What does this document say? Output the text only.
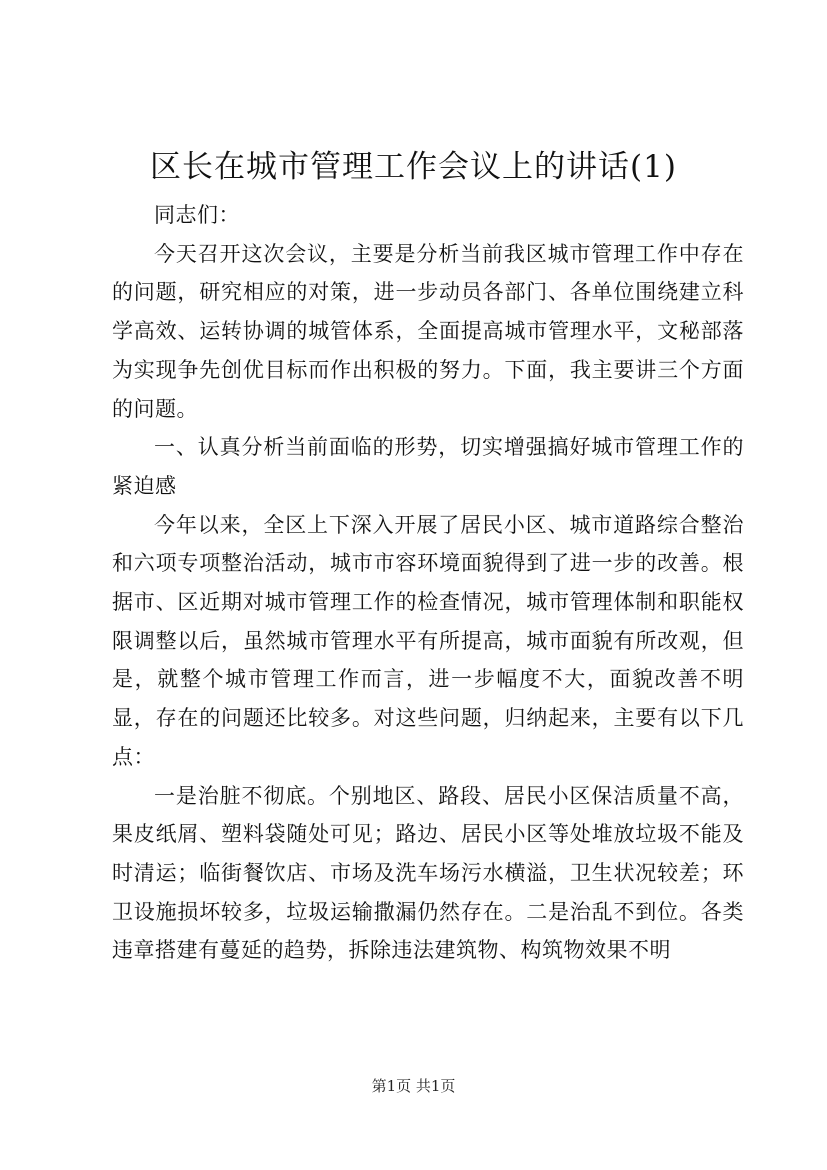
区长在城市管理工作会议上的讲话(1)

同志们：

今天召开这次会议，主要是分析当前我区城市管理工作中存在的问题，研究相应的对策，进一步动员各部门、各单位围绕建立科学高效、运转协调的城管体系，全面提高城市管理水平，文秘部落为实现争先创优目标而作出积极的努力。下面，我主要讲三个方面的问题。

一、认真分析当前面临的形势，切实增强搞好城市管理工作的紧迫感

今年以来，全区上下深入开展了居民小区、城市道路综合整治和六项专项整治活动，城市市容环境面貌得到了进一步的改善。根据市、区近期对城市管理工作的检查情况，城市管理体制和职能权限调整以后，虽然城市管理水平有所提高，城市面貌有所改观，但是，就整个城市管理工作而言，进一步幅度不大，面貌改善不明显，存在的问题还比较多。对这些问题，归纳起来，主要有以下几点：

一是治脏不彻底。个别地区、路段、居民小区保洁质量不高，果皮纸屑、塑料袋随处可见；路边、居民小区等处堆放垃圾不能及时清运；临街餐饮店、市场及洗车场污水横溢，卫生状况较差；环卫设施损坏较多，垃圾运输撒漏仍然存在。二是治乱不到位。各类违章搭建有蔓延的趋势，拆除违法建筑物、构筑物效果不明

第1页 共1页
